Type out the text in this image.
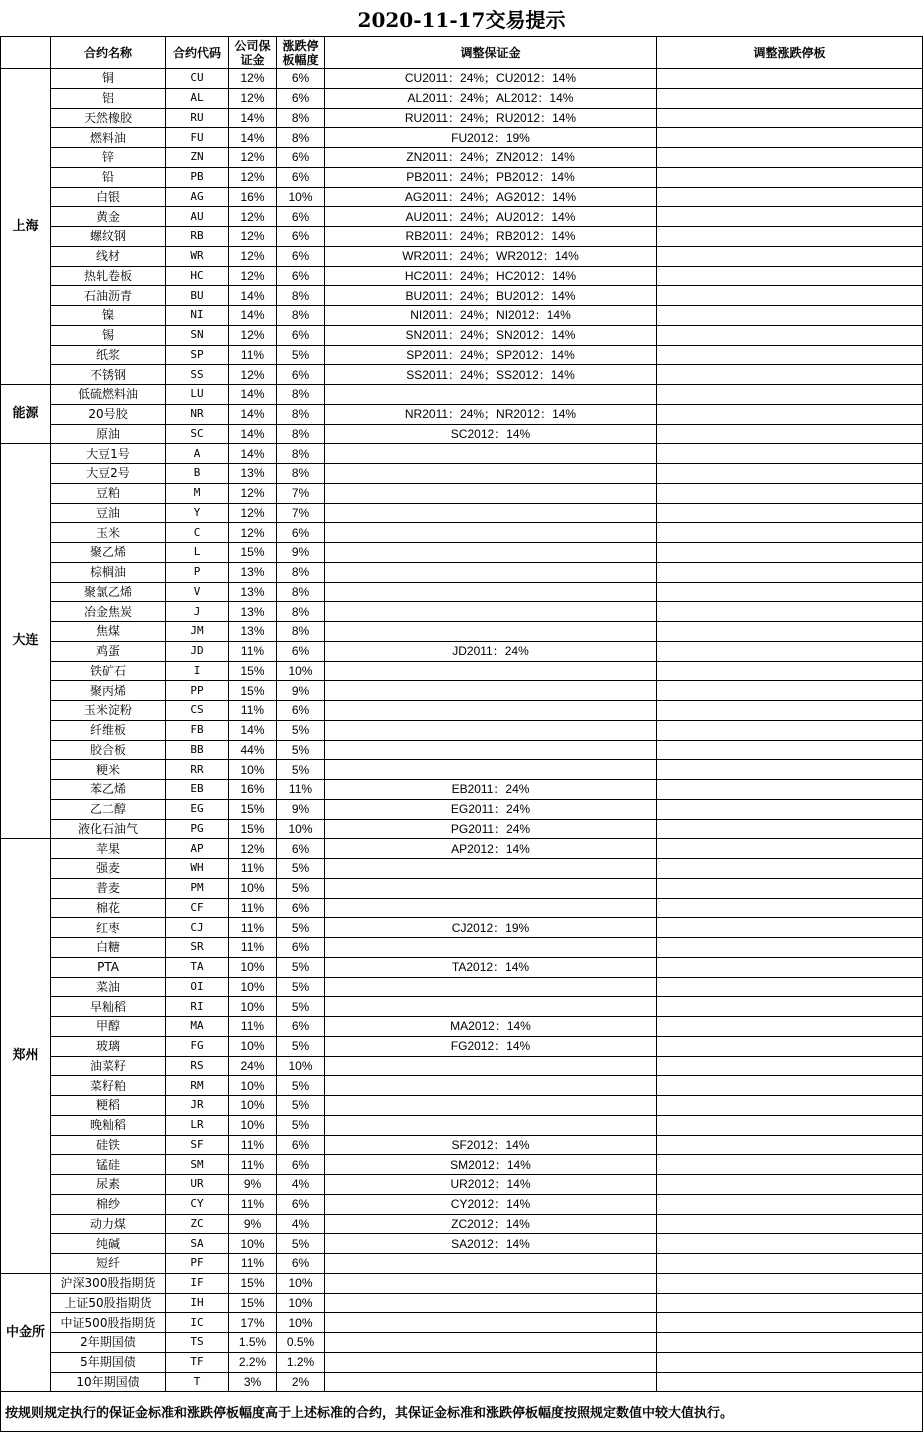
2020-11-17交易提示
	合约名称	合约代码	公司保证金	涨跌停板幅度	调整保证金	调整涨跌停板
上海	铜	CU	12%	6%	CU2011：24%；CU2012：14%	
	铝	AL	12%	6%	AL2011：24%；AL2012：14%	
	天然橡胶	RU	14%	8%	RU2011：24%；RU2012：14%	
	燃料油	FU	14%	8%	FU2012：19%	
	锌	ZN	12%	6%	ZN2011：24%；ZN2012：14%	
	铅	PB	12%	6%	PB2011：24%；PB2012：14%	
	白银	AG	16%	10%	AG2011：24%；AG2012：14%	
	黄金	AU	12%	6%	AU2011：24%；AU2012：14%	
	螺纹钢	RB	12%	6%	RB2011：24%；RB2012：14%	
	线材	WR	12%	6%	WR2011：24%；WR2012：14%	
	热轧卷板	HC	12%	6%	HC2011：24%；HC2012：14%	
	石油沥青	BU	14%	8%	BU2011：24%；BU2012：14%	
	镍	NI	14%	8%	NI2011：24%；NI2012：14%	
	锡	SN	12%	6%	SN2011：24%；SN2012：14%	
	纸浆	SP	11%	5%	SP2011：24%；SP2012：14%	
	不锈钢	SS	12%	6%	SS2011：24%；SS2012：14%	
能源	低硫燃料油	LU	14%	8%		
	20号胶	NR	14%	8%	NR2011：24%；NR2012：14%	
	原油	SC	14%	8%	SC2012：14%	
大连	大豆1号	A	14%	8%		
	大豆2号	B	13%	8%		
	豆粕	M	12%	7%		
	豆油	Y	12%	7%		
	玉米	C	12%	6%		
	聚乙烯	L	15%	9%		
	棕榈油	P	13%	8%		
	聚氯乙烯	V	13%	8%		
	冶金焦炭	J	13%	8%		
	焦煤	JM	13%	8%		
	鸡蛋	JD	11%	6%	JD2011：24%	
	铁矿石	I	15%	10%		
	聚丙烯	PP	15%	9%		
	玉米淀粉	CS	11%	6%		
	纤维板	FB	14%	5%		
	胶合板	BB	44%	5%		
	粳米	RR	10%	5%		
	苯乙烯	EB	16%	11%	EB2011：24%	
	乙二醇	EG	15%	9%	EG2011：24%	
	液化石油气	PG	15%	10%	PG2011：24%	
郑州	苹果	AP	12%	6%	AP2012：14%	
	强麦	WH	11%	5%		
	普麦	PM	10%	5%		
	棉花	CF	11%	6%		
	红枣	CJ	11%	5%	CJ2012：19%	
	白糖	SR	11%	6%		
	PTA	TA	10%	5%	TA2012：14%	
	菜油	OI	10%	5%		
	早籼稻	RI	10%	5%		
	甲醇	MA	11%	6%	MA2012：14%	
	玻璃	FG	10%	5%	FG2012：14%	
	油菜籽	RS	24%	10%		
	菜籽粕	RM	10%	5%		
	粳稻	JR	10%	5%		
	晚籼稻	LR	10%	5%		
	硅铁	SF	11%	6%	SF2012：14%	
	锰硅	SM	11%	6%	SM2012：14%	
	尿素	UR	9%	4%	UR2012：14%	
	棉纱	CY	11%	6%	CY2012：14%	
	动力煤	ZC	9%	4%	ZC2012：14%	
	纯碱	SA	10%	5%	SA2012：14%	
	短纤	PF	11%	6%		
中金所	沪深300股指期货	IF	15%	10%		
	上证50股指期货	IH	15%	10%		
	中证500股指期货	IC	17%	10%		
	2年期国债	TS	1.5%	0.5%		
	5年期国债	TF	2.2%	1.2%		
	10年期国债	T	3%	2%		
按规则规定执行的保证金标准和涨跌停板幅度高于上述标准的合约，其保证金标准和涨跌停板幅度按照规定数值中较大值执行。						
